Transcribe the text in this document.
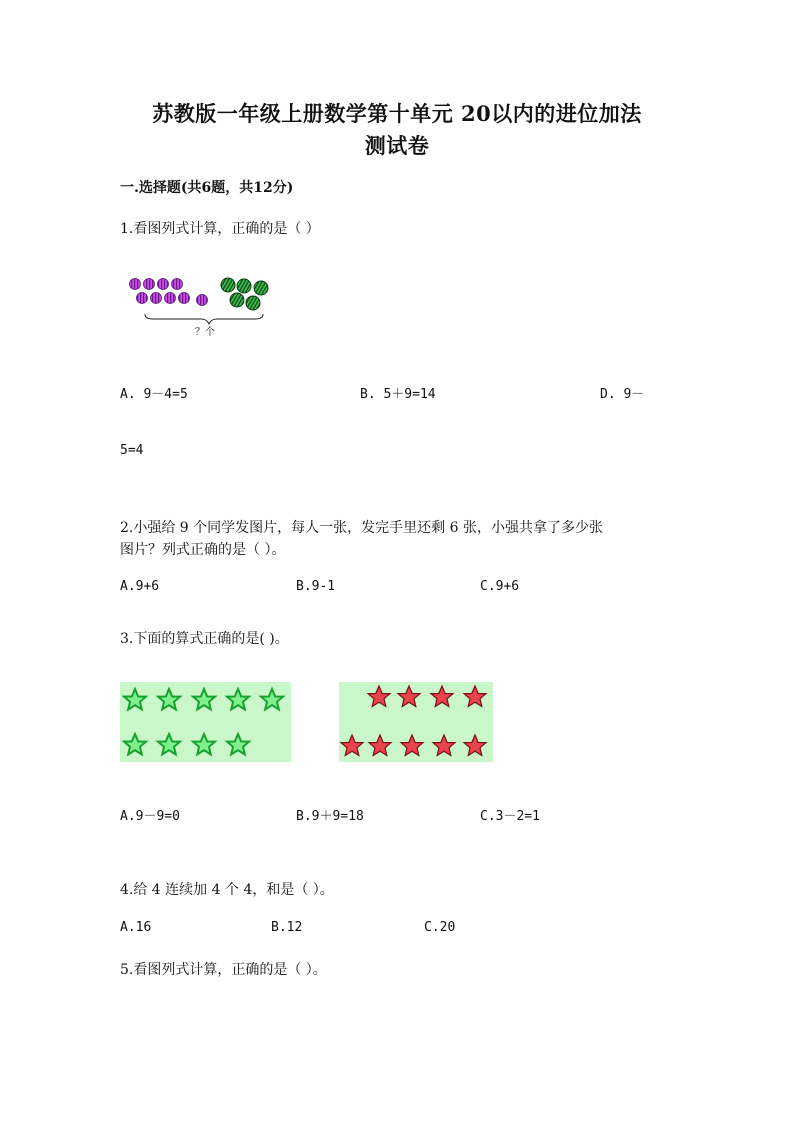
苏教版一年级上册数学第十单元 20以内的进位加法
测试卷
一.选择题(共6题，共12分)
1.看图列式计算，正确的是（ ）
？个
A. 9－4=5	B. 5＋9=14	D. 9－
5=4
2.小强给 9 个同学发图片，每人一张，发完手里还剩 6 张，小强共拿了多少张
图片？列式正确的是（ ）。
A.9+6	B.9-1	C.9+6
3.下面的算式正确的是( )。
A.9－9=0	B.9＋9=18	C.3－2=1
4.给 4 连续加 4 个 4，和是（ ）。
A.16	B.12	C.20
5.看图列式计算，正确的是（ ）。
